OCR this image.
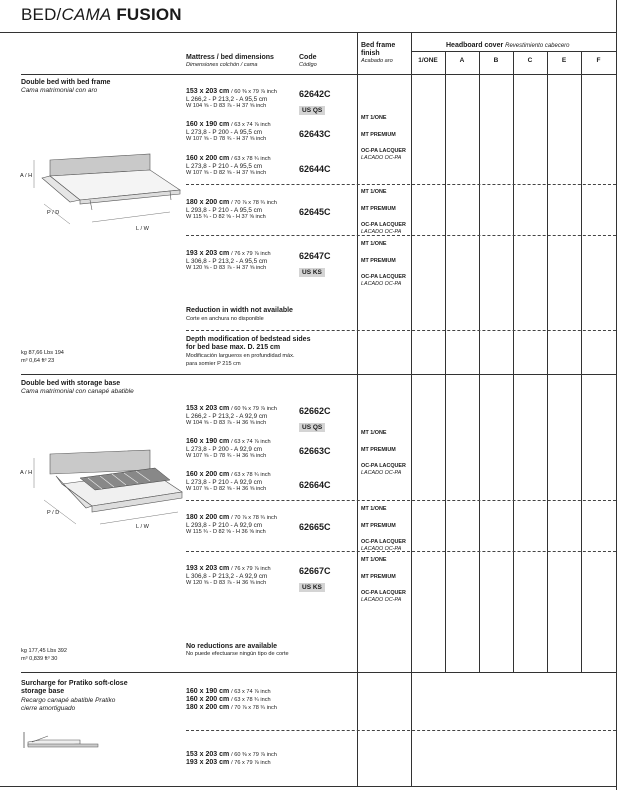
BED/CAMA FUSION
Mattress / bed dimensions
Dimensiones colchón / cama
Code
Código
Bed frame
finish
Acabado aro
Headboard cover Revestimiento cabecero
1/ONE	A	B	C	E	F
Double bed with bed frame
Cama matrimonial con aro
A / H
P / D
L / W
kg 87,66 Lbs 194
m³ 0,64 ft³ 23
153 x 203 cm / 60 ⅜ x 79 ⅞ inch
L 266,2 - P 213,2 - A 95,5 cm
W 104 ⅝ - D 83 ⅞ - H 37 ⅝ inch
62642C
US QS
160 x 190 cm / 63 x 74 ⅞ inch
L 273,8 - P 200 - A 95,5 cm
W 107 ⅝ - D 78 ¾ - H 37 ⅝ inch	62643C
160 x 200 cm / 63 x 78 ¾ inch
L 273,8 - P 210 - A 95,5 cm
W 107 ⅝ - D 82 ⅝ - H 37 ⅝ inch	62644C
MT 1/ONE
MT PREMIUM
OC-PA LACQUER
LACADO OC-PA
180 x 200 cm / 70 ⅞ x 78 ¾ inch
L 293,8 - P 210 - A 95,5 cm
W 115 ¾ - D 82 ⅝ - H 37 ⅝ inch	62645C
MT 1/ONE
MT PREMIUM
OC-PA LACQUER
LACADO OC-PA
193 x 203 cm / 76 x 79 ⅞ inch
L 306,8 - P 213,2 - A 95,5 cm
W 120 ⅝ - D 83 ⅞ - H 37 ⅝ inch
62647C
US KS
MT 1/ONE
MT PREMIUM
OC-PA LACQUER
LACADO OC-PA
Reduction in width not available
Corte en anchura no disponible
Depth modification of bedstead sides
for bed base max. D. 215 cm
Modificación largueros en profundidad máx.
para somier P 215 cm
Double bed with storage base
Cama matrimonial con canapé abatible
A / H
P / D
L / W
kg 177,45 Lbs 392
m³ 0,839 ft³ 30
153 x 203 cm / 60 ⅜ x 79 ⅞ inch
L 266,2 - P 213,2 - A 92,9 cm
W 104 ⅝ - D 83 ⅞ - H 36 ⅝ inch
62662C
US QS
160 x 190 cm / 63 x 74 ⅞ inch
L 273,8 - P 200 - A 92,9 cm
W 107 ⅝ - D 78 ¾ - H 36 ⅝ inch	62663C
160 x 200 cm / 63 x 78 ¾ inch
L 273,8 - P 210 - A 92,9 cm
W 107 ⅝ - D 82 ⅝ - H 36 ⅝ inch	62664C
MT 1/ONE
MT PREMIUM
OC-PA LACQUER
LACADO OC-PA
180 x 200 cm / 70 ⅞ x 78 ¾ inch
L 293,8 - P 210 - A 92,9 cm
W 115 ¾ - D 82 ⅝ - H 36 ⅝ inch	62665C
MT 1/ONE
MT PREMIUM
OC-PA LACQUER
LACADO OC-PA
193 x 203 cm / 76 x 79 ⅞ inch
L 306,8 - P 213,2 - A 92,9 cm
W 120 ⅝ - D 83 ⅞ - H 36 ⅝ inch
62667C
US KS
MT 1/ONE
MT PREMIUM
OC-PA LACQUER
LACADO OC-PA
No reductions are available
No puede efectuarse ningún tipo de corte
Surcharge for Pratiko soft-close
storage base
Recargo canapé abatible Pratiko
cierre amortiguado
160 x 190 cm / 63 x 74 ⅞ inch
160 x 200 cm / 63 x 78 ¾ inch
180 x 200 cm / 70 ⅞ x 78 ¾ inch
153 x 203 cm / 60 ⅜ x 79 ⅞ inch
193 x 203 cm / 76 x 79 ⅞ inch
